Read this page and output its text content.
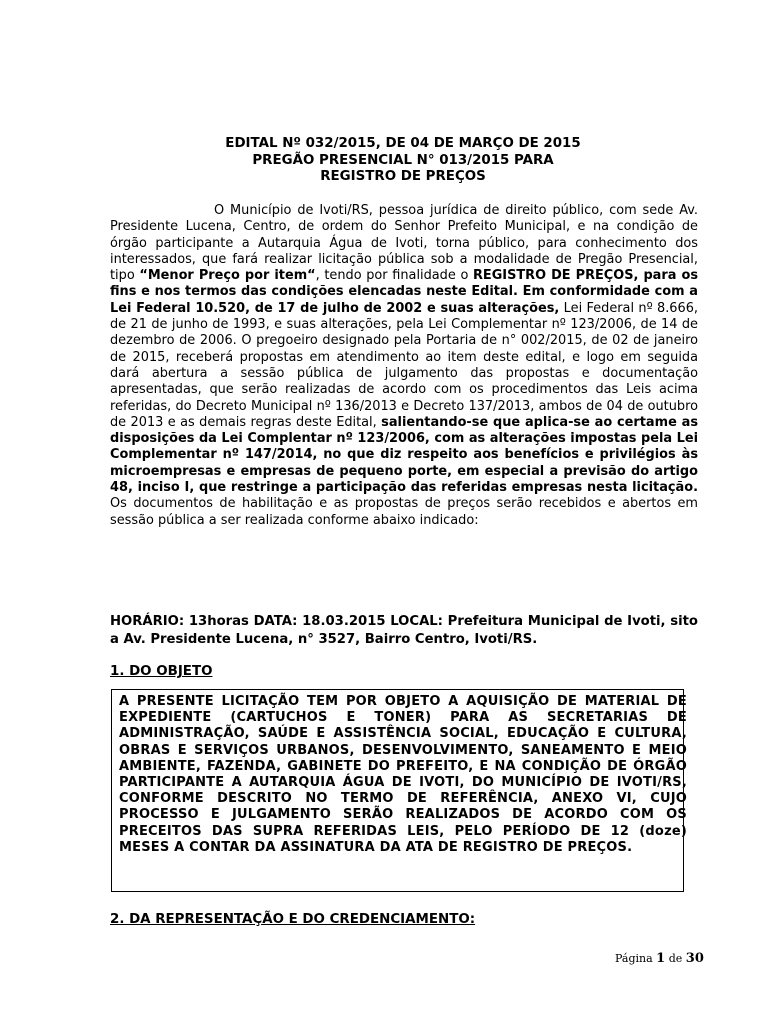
EDITAL Nº 032/2015, DE 04 DE MARÇO DE 2015
PREGÃO PRESENCIAL N° 013/2015 PARA
REGISTRO DE PREÇOS
O Município de Ivoti/RS, pessoa jurídica de direito público, com sede Av. Presidente Lucena, Centro, de ordem do Senhor Prefeito Municipal, e na condição de órgão participante a Autarquia Água de Ivoti, torna público, para conhecimento dos interessados, que fará realizar licitação pública sob a modalidade de Pregão Presencial, tipo “Menor Preço por item“, tendo por finalidade o REGISTRO DE PREÇOS, para os fins e nos termos das condições elencadas neste Edital. Em conformidade com a Lei Federal 10.520, de 17 de julho de 2002 e suas alterações, Lei Federal nº 8.666, de 21 de junho de 1993, e suas alterações, pela Lei Complementar nº 123/2006, de 14 de dezembro de 2006. O pregoeiro designado pela Portaria de n° 002/2015, de 02 de janeiro de 2015, receberá propostas em atendimento ao item deste edital, e logo em seguida dará abertura a sessão pública de julgamento das propostas e documentação apresentadas, que serão realizadas de acordo com os procedimentos das Leis acima referidas, do Decreto Municipal nº 136/2013 e Decreto 137/2013, ambos de 04 de outubro de 2013 e as demais regras deste Edital, salientando-se que aplica-se ao certame as disposições da Lei Complentar nº 123/2006, com as alterações impostas pela Lei Complementar nº 147/2014, no que diz respeito aos benefícios e privilégios às microempresas e empresas de pequeno porte, em especial a previsão do artigo 48, inciso I, que restringe a participação das referidas empresas nesta licitação. Os documentos de habilitação e as propostas de preços serão recebidos e abertos em sessão pública a ser realizada conforme abaixo indicado:
HORÁRIO: 13horas DATA: 18.03.2015 LOCAL: Prefeitura Municipal de Ivoti, sito a Av. Presidente Lucena, n° 3527, Bairro Centro, Ivoti/RS.
1. DO OBJETO
A PRESENTE LICITAÇÃO TEM POR OBJETO A AQUISIÇÃO DE MATERIAL DE EXPEDIENTE (CARTUCHOS E TONER) PARA AS SECRETARIAS DE ADMINISTRAÇÃO, SAÚDE E ASSISTÊNCIA SOCIAL, EDUCAÇÃO E CULTURA, OBRAS E SERVIÇOS URBANOS, DESENVOLVIMENTO, SANEAMENTO E MEIO AMBIENTE, FAZENDA, GABINETE DO PREFEITO, E NA CONDIÇÃO DE ÓRGÃO PARTICIPANTE A AUTARQUIA ÁGUA DE IVOTI, DO MUNICÍPIO DE IVOTI/RS, CONFORME DESCRITO NO TERMO DE REFERÊNCIA, ANEXO VI, CUJO PROCESSO E JULGAMENTO SERÃO REALIZADOS DE ACORDO COM OS PRECEITOS DAS SUPRA REFERIDAS LEIS, PELO PERÍODO DE 12 (doze) MESES A CONTAR DA ASSINATURA DA ATA DE REGISTRO DE PREÇOS.
2. DA REPRESENTAÇÃO E DO CREDENCIAMENTO:
Página 1 de 30
